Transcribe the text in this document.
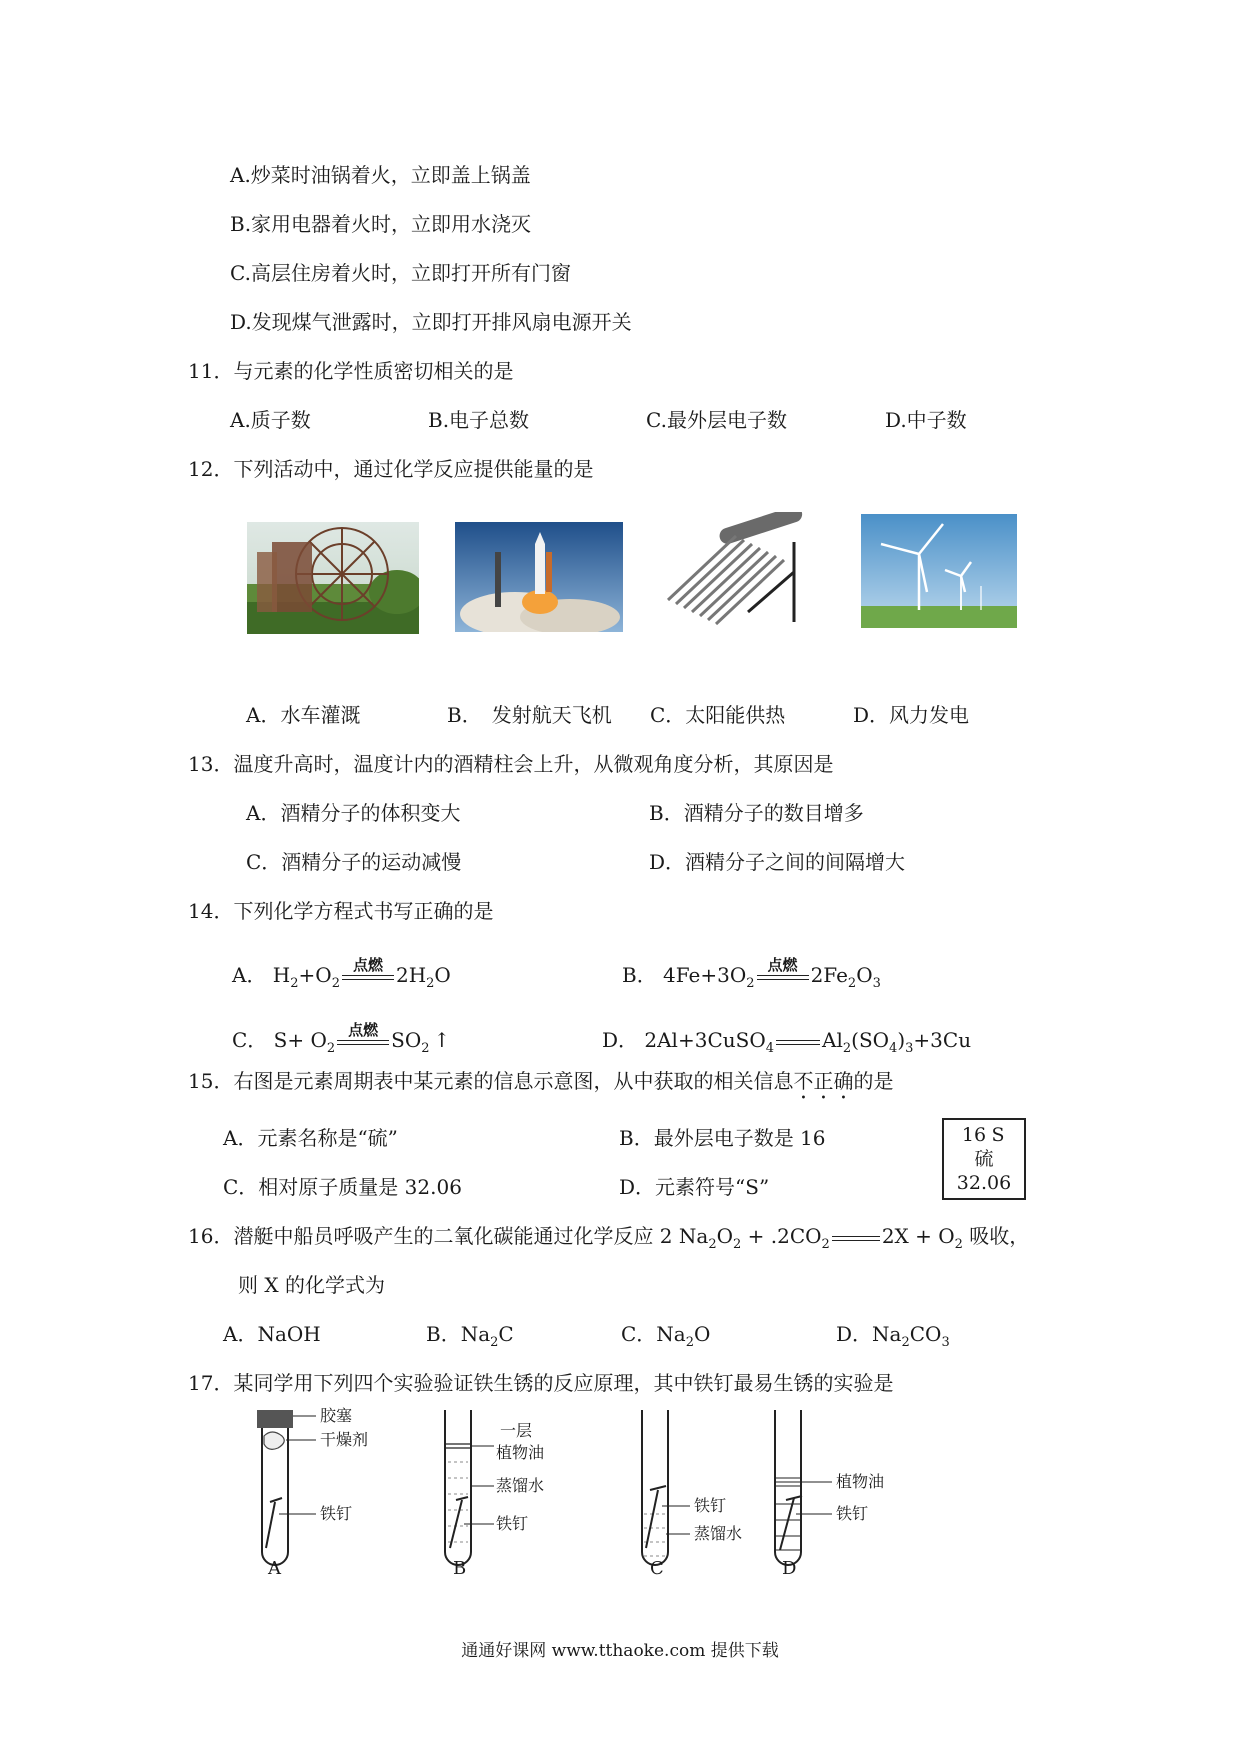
A.炒菜时油锅着火，立即盖上锅盖
B.家用电器着火时，立即用水浇灭
C.高层住房着火时，立即打开所有门窗
D.发现煤气泄露时，立即打开排风扇电源开关
11．与元素的化学性质密切相关的是
A.质子数	B.电子总数	C.最外层电子数	D.中子数
12．下列活动中，通过化学反应提供能量的是
A．水车灌溉	B．　发射航天飞机 C．太阳能供热	D．风力发电
13．温度升高时，温度计内的酒精柱会上升，从微观角度分析，其原因是
A．酒精分子的体积变大	B．酒精分子的数目增多
C．酒精分子的运动减慢	D．酒精分子之间的间隔增大
14．下列化学方程式书写正确的是
A． $H_2+O_2$
点燃 $2H_2O$	B． $4Fe+3O_2$
点燃 $2Fe_2O_3$
C． $S+ O_2$
点燃 $SO_2$ ↑	D． 2Al+3CuSO$_4$ $Al_2(SO_4)_3+3Cu$
15．右图是元素周期表中某元素的信息示意图，从中获取的相关信息不正确的是
A．元素名称是“硫”	B．最外层电子数是 16
C．相对原子质量是 32.06	D．元素符号“S”
16 S
硫
32.06
16．潜艇中船员呼吸产生的二氧化碳能通过化学反应 2 $Na_2O_2 + .2CO_2$	$2X + O_2$ 吸收，
则 X 的化学式为
A．NaOH	B．$Na_2C$	C．$Na_2O$	D．$Na_2CO_3$
17．某同学用下列四个实验验证铁生锈的反应原理，其中铁钉最易生锈的实验是
胶塞
干燥剂
铁钉
A
一层
植物油
蒸馏水
铁钉
B
铁钉
蒸馏水
C
植物油
铁钉
D
通通好课网 www.tthaoke.com 提供下载
